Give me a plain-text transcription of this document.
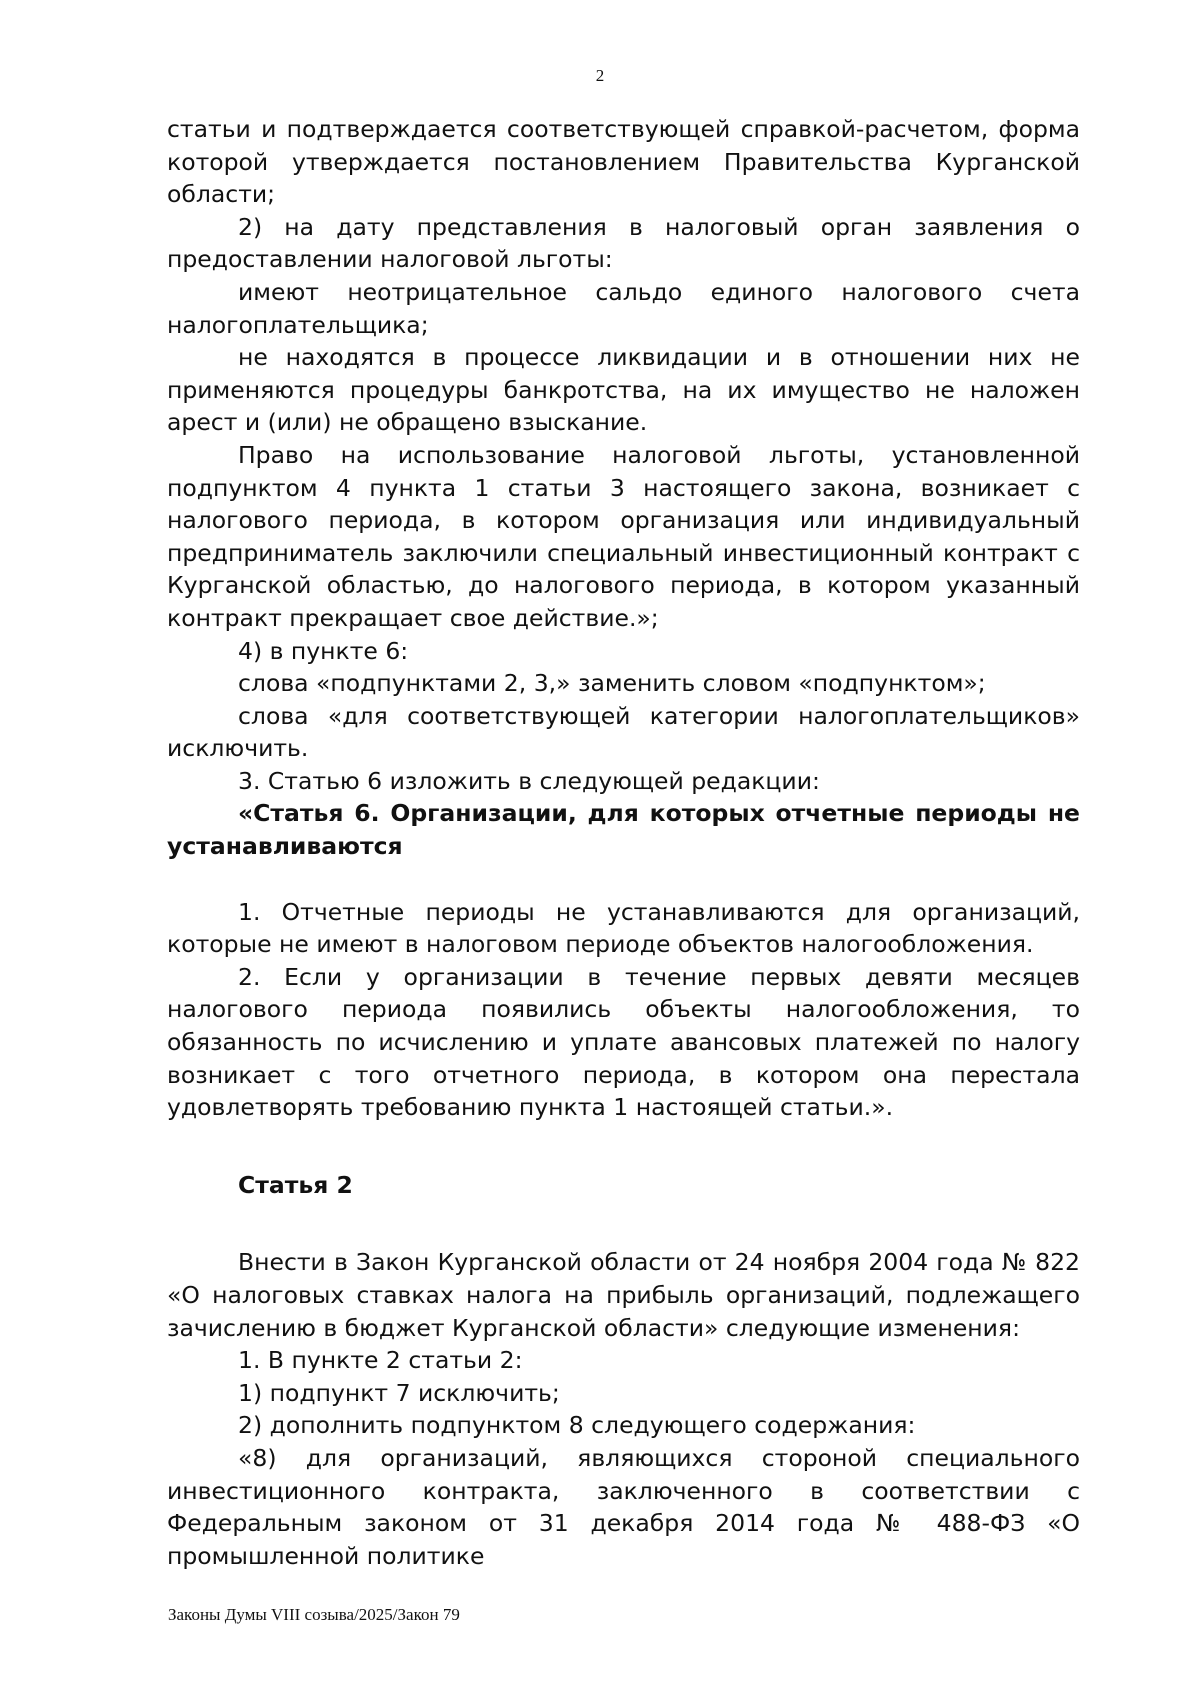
2

статьи и подтверждается соответствующей справкой-расчетом, форма которой утверждается постановлением Правительства Курганской области;

2) на дату представления в налоговый орган заявления о предоставлении налоговой льготы:

имеют неотрицательное сальдо единого налогового счета налогоплательщика;

не находятся в процессе ликвидации и в отношении них не применяются процедуры банкротства, на их имущество не наложен арест и (или) не обращено взыскание.

Право на использование налоговой льготы, установленной подпунктом 4 пункта 1 статьи 3 настоящего закона, возникает с налогового периода, в котором организация или индивидуальный предприниматель заключили специальный инвестиционный контракт с Курганской областью, до налогового периода, в котором указанный контракт прекращает свое действие.»;

4) в пункте 6:

слова «подпунктами 2, 3,» заменить словом «подпунктом»;

слова «для соответствующей категории налогоплательщиков» исключить.

3. Статью 6 изложить в следующей редакции:

«Статья 6. Организации, для которых отчетные периоды не устанавливаются

1. Отчетные периоды не устанавливаются для организаций, которые не имеют в налоговом периоде объектов налогообложения.

2. Если у организации в течение первых девяти месяцев налогового периода появились объекты налогообложения, то обязанность по исчислению и уплате авансовых платежей по налогу возникает с того отчетного периода, в котором она перестала удовлетворять требованию пункта 1 настоящей статьи.».

Статья 2

Внести в Закон Курганской области от 24 ноября 2004 года № 822 «О налоговых ставках налога на прибыль организаций, подлежащего зачислению в бюджет Курганской области» следующие изменения:

1. В пункте 2 статьи 2:

1) подпункт 7 исключить;

2) дополнить подпунктом 8 следующего содержания:

«8) для организаций, являющихся стороной специального инвестиционного контракта, заключенного в соответствии с Федеральным законом от 31 декабря 2014 года № 488-ФЗ «О промышленной политике

Законы Думы VIII созыва/2025/Закон 79
